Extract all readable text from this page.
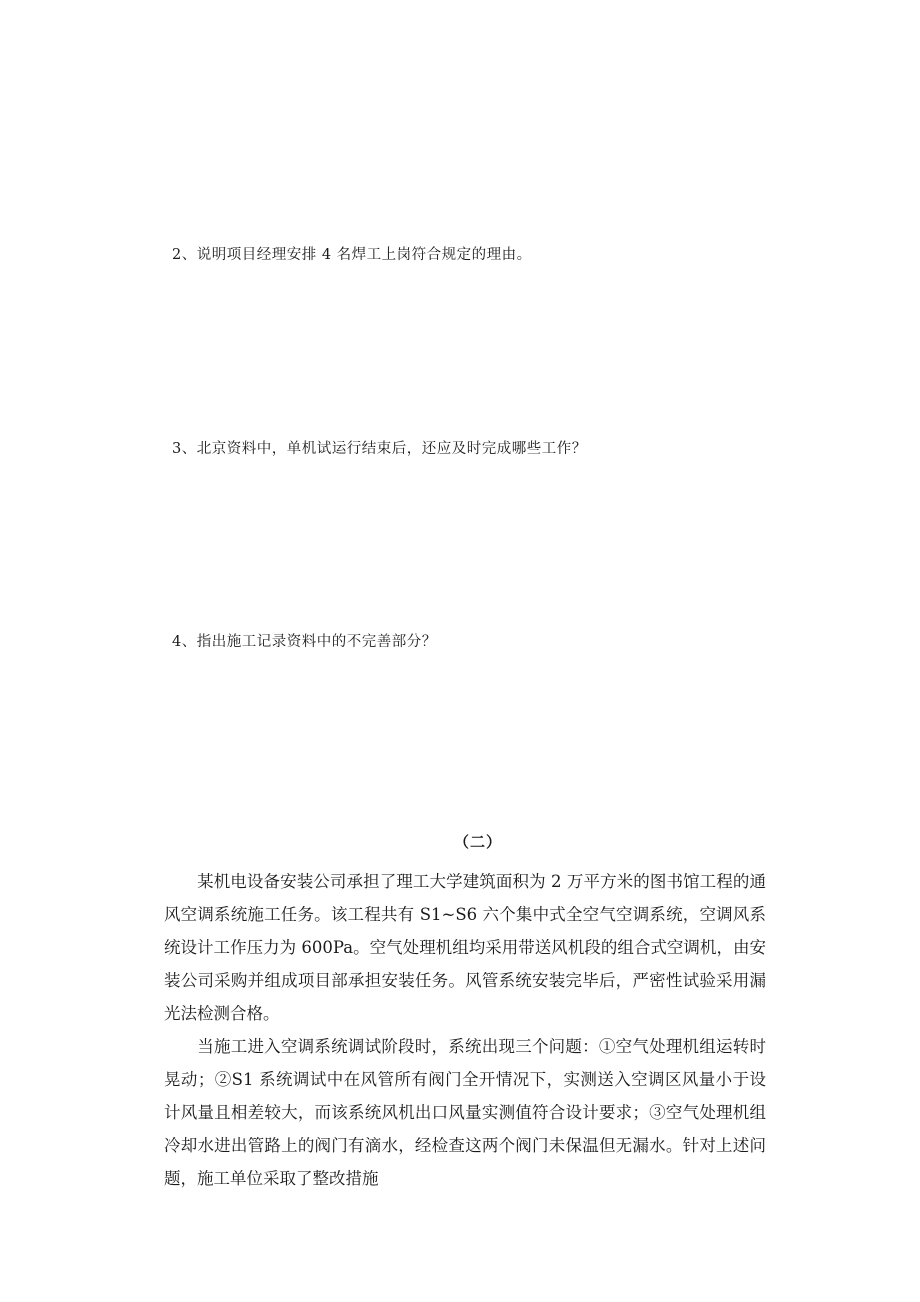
2、说明项目经理安排 4 名焊工上岗符合规定的理由。
3、北京资料中，单机试运行结束后，还应及时完成哪些工作？
4、指出施工记录资料中的不完善部分？
（二）
某机电设备安装公司承担了理工大学建筑面积为 2 万平方米的图书馆工程的通风空调系统施工任务。该工程共有 S1~S6 六个集中式全空气空调系统，空调风系统设计工作压力为 600Pa。空气处理机组均采用带送风机段的组合式空调机，由安装公司采购并组成项目部承担安装任务。风管系统安装完毕后，严密性试验采用漏光法检测合格。
当施工进入空调系统调试阶段时，系统出现三个问题：①空气处理机组运转时晃动；②S1 系统调试中在风管所有阀门全开情况下，实测送入空调区风量小于设计风量且相差较大，而该系统风机出口风量实测值符合设计要求；③空气处理机组冷却水进出管路上的阀门有滴水，经检查这两个阀门未保温但无漏水。针对上述问题，施工单位采取了整改措施
